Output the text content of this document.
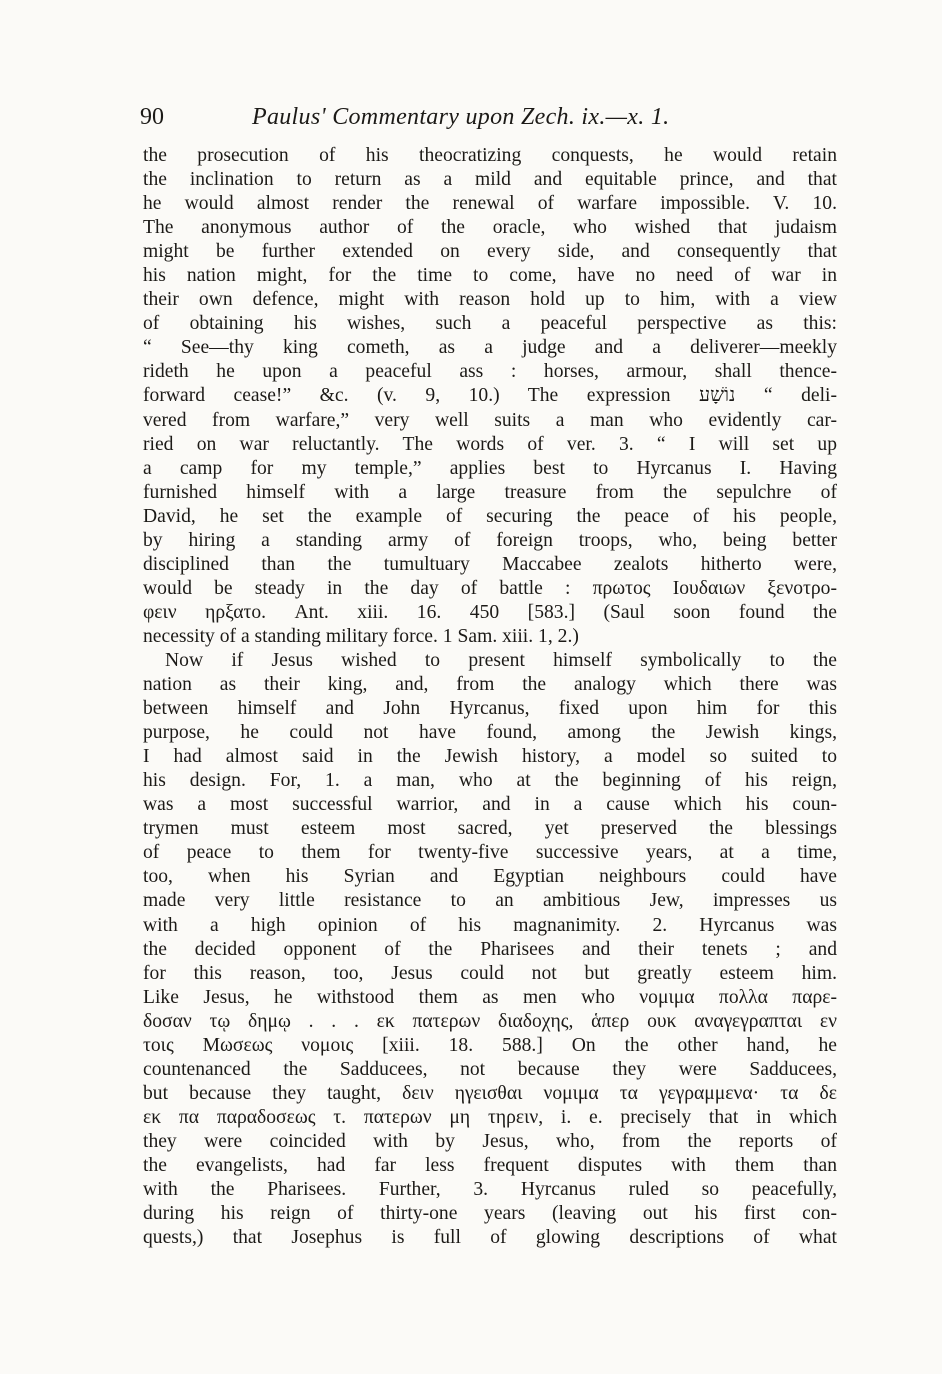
90	Paulus' Commentary upon Zech. ix.—x. 1.
the prosecution of his theocratizing conquests, he would retain
the inclination to return as a mild and equitable prince, and that
he would almost render the renewal of warfare impossible. V. 10.
The anonymous author of the oracle, who wished that judaism
might be further extended on every side, and consequently that
his nation might, for the time to come, have no need of war in
their own defence, might with reason hold up to him, with a view
of obtaining his wishes, such a peaceful perspective as this:
“ See—thy king cometh, as a judge and a deliverer—meekly
rideth he upon a peaceful ass : horses, armour, shall thence-
forward cease!” &c. (v. 9, 10.) The expression נוֹשָׁע “ deli-
vered from warfare,” very well suits a man who evidently car-
ried on war reluctantly. The words of ver. 3. “ I will set up
a camp for my temple,” applies best to Hyrcanus I. Having
furnished himself with a large treasure from the sepulchre of
David, he set the example of securing the peace of his people,
by hiring a standing army of foreign troops, who, being better
disciplined than the tumultuary Maccabee zealots hitherto were,
would be steady in the day of battle : πρωτος Ιουδαιων ξενοτρο-
φειν ηρξατο. Ant. xiii. 16. 450 [583.] (Saul soon found the
necessity of a standing military force. 1 Sam. xiii. 1, 2.)
Now if Jesus wished to present himself symbolically to the
nation as their king, and, from the analogy which there was
between himself and John Hyrcanus, fixed upon him for this
purpose, he could not have found, among the Jewish kings,
I had almost said in the Jewish history, a model so suited to
his design. For, 1. a man, who at the beginning of his reign,
was a most successful warrior, and in a cause which his coun-
trymen must esteem most sacred, yet preserved the blessings
of peace to them for twenty-five successive years, at a time,
too, when his Syrian and Egyptian neighbours could have
made very little resistance to an ambitious Jew, impresses us
with a high opinion of his magnanimity. 2. Hyrcanus was
the decided opponent of the Pharisees and their tenets ; and
for this reason, too, Jesus could not but greatly esteem him.
Like Jesus, he withstood them as men who νομιμα πολλα παρε-
δοσαν τῳ δημῳ . . . εκ πατερων διαδοχης, ἁπερ ουκ αναγεγραπται εν
τοις Μωσεως νομοις [xiii. 18. 588.] On the other hand, he
countenanced the Sadducees, not because they were Sadducees,
but because they taught, δειν ηγεισθαι νομιμα τα γεγραμμενα· τα δε
εκ πα παραδοσεως τ. πατερων μη τηρειν, i. e. precisely that in which
they were coincided with by Jesus, who, from the reports of
the evangelists, had far less frequent disputes with them than
with the Pharisees. Further, 3. Hyrcanus ruled so peacefully,
during his reign of thirty-one years (leaving out his first con-
quests,) that Josephus is full of glowing descriptions of what
